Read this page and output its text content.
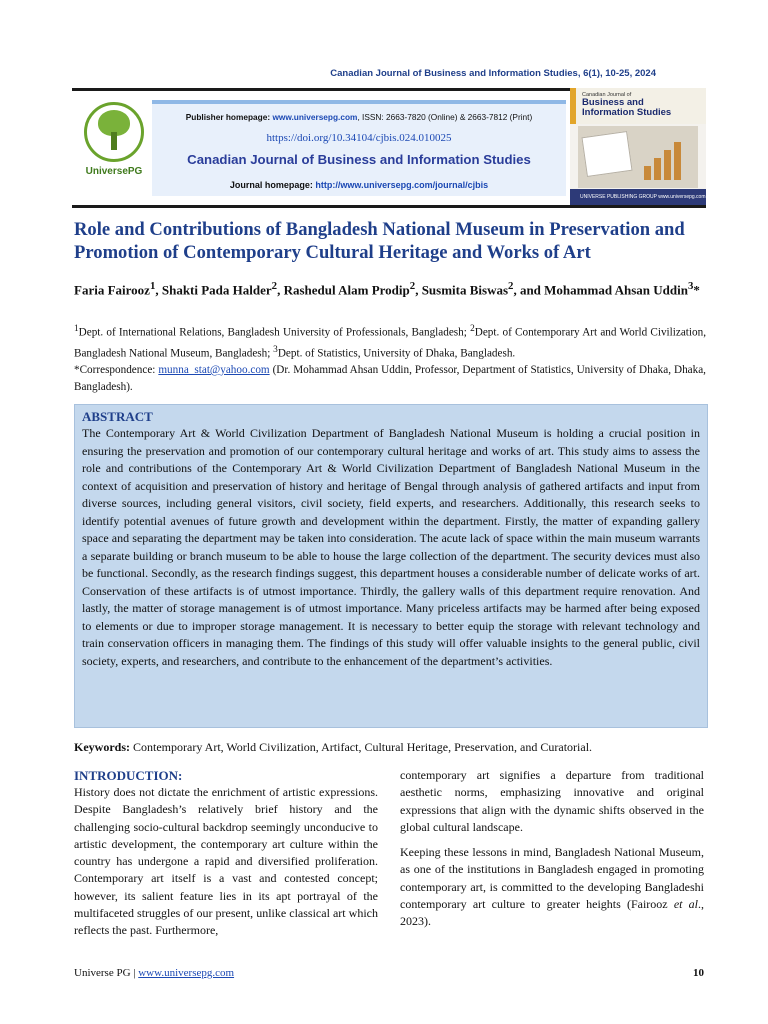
Canadian Journal of Business and Information Studies, 6(1), 10-25, 2024
UniversePG
Publisher homepage: www.universepg.com, ISSN: 2663-7820 (Online) & 2663-7812 (Print)
https://doi.org/10.34104/cjbis.024.010025
Canadian Journal of Business and Information Studies
Journal homepage: http://www.universepg.com/journal/cjbis
Canadian Journal of
Business and
Information Studies
UNIVERSE PUBLISHING GROUP www.universepg.com
Role and Contributions of Bangladesh National Museum in Preservation and Promotion of Contemporary Cultural Heritage and Works of Art
Faria Fairooz$^1$, Shakti Pada Halder$^2$, Rashedul Alam Prodip$^2$, Susmita Biswas$^2$, and Mohammad Ahsan Uddin$^3$*
$^1$Dept. of International Relations, Bangladesh University of Professionals, Bangladesh; $^2$Dept. of Contemporary Art and World Civilization, Bangladesh National Museum, Bangladesh; $^3$Dept. of Statistics, University of Dhaka, Bangladesh.
*Correspondence: munna_stat@yahoo.com (Dr. Mohammad Ahsan Uddin, Professor, Department of Statistics, University of Dhaka, Dhaka, Bangladesh).
ABSTRACT
The Contemporary Art & World Civilization Department of Bangladesh National Museum is holding a crucial position in ensuring the preservation and promotion of our contemporary cultural heritage and works of art. This study aims to assess the role and contributions of the Contemporary Art & World Civilization Department of Bangladesh National Museum in the context of acquisition and preservation of history and heritage of Bengal through analysis of gathered artifacts and input from diverse sources, including general visitors, civil society, field experts, and researchers. Additionally, this research seeks to identify potential avenues of future growth and development within the department. Firstly, the matter of expanding gallery space and separating the department may be taken into consideration. The acute lack of space within the main museum warrants a separate building or branch museum to be able to house the large collection of the department. The security devices must also be functional. Secondly, as the research findings suggest, this department houses a considerable number of delicate works of art. Conservation of these artifacts is of utmost importance. Thirdly, the gallery walls of this department require renovation. And lastly, the matter of storage management is of utmost importance. Many priceless artifacts may be harmed after being exposed to elements or due to improper storage management. It is necessary to better equip the storage with relevant technology and train conservation officers in managing them. The findings of this study will offer valuable insights to the general public, civil society, experts, and researchers, and contribute to the enhancement of the department’s activities.
Keywords: Contemporary Art, World Civilization, Artifact, Cultural Heritage, Preservation, and Curatorial.
INTRODUCTION:

History does not dictate the enrichment of artistic expressions. Despite Bangladesh’s relatively brief history and the challenging socio-cultural backdrop seemingly unconducive to artistic development, the contemporary art culture within the country has undergone a rapid and diversified proliferation. Contemporary art itself is a vast and contested concept; however, its salient feature lies in its apt portrayal of the multifaceted struggles of our present, unlike classical art which reflects the past. Furthermore,

contemporary art signifies a departure from traditional aesthetic norms, emphasizing innovative and original expressions that align with the dynamic shifts observed in the global cultural landscape.

Keeping these lessons in mind, Bangladesh National Museum, as one of the institutions in Bangladesh engaged in promoting contemporary art, is committed to the developing Bangladeshi contemporary art culture to greater heights (Fairooz et al., 2023).

Universe PG | www.universepg.com	10
